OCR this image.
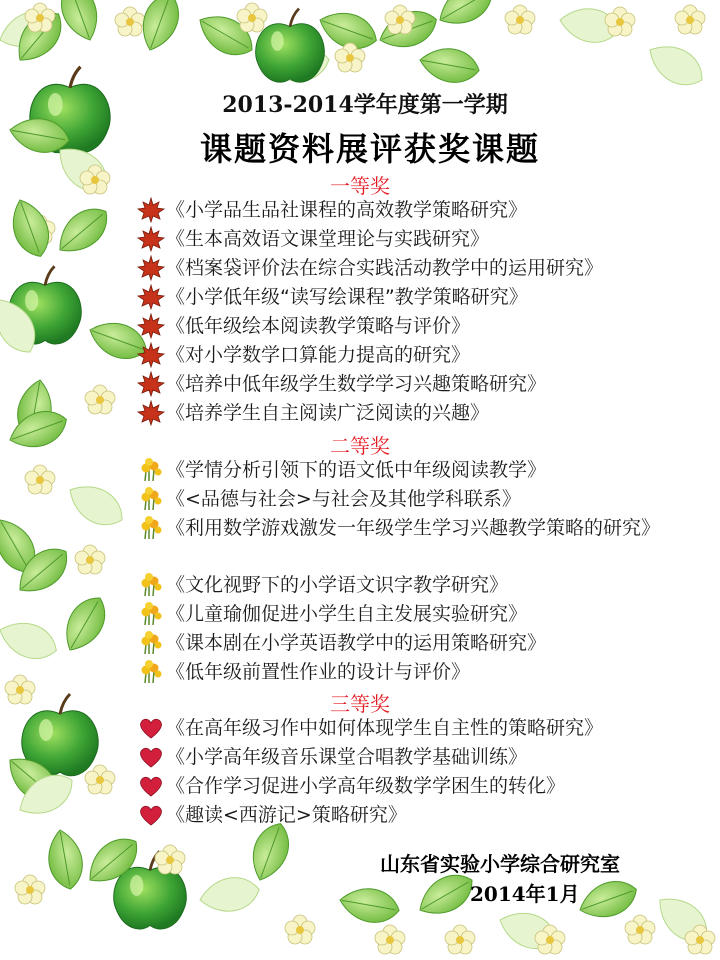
2013-2014学年度第一学期
课题资料展评获奖课题
一等奖
《小学品生品社课程的高效教学策略研究》
《生本高效语文课堂理论与实践研究》
《档案袋评价法在综合实践活动教学中的运用研究》
《小学低年级“读写绘课程”教学策略研究》
《低年级绘本阅读教学策略与评价》
《对小学数学口算能力提高的研究》
《培养中低年级学生数学学习兴趣策略研究》
《培养学生自主阅读广泛阅读的兴趣》
二等奖
《学情分析引领下的语文低中年级阅读教学》
《<品德与社会>与社会及其他学科联系》
《利用数学游戏激发一年级学生学习兴趣教学策略的研究》
《文化视野下的小学语文识字教学研究》
《儿童瑜伽促进小学生自主发展实验研究》
《课本剧在小学英语教学中的运用策略研究》
《低年级前置性作业的设计与评价》
三等奖
《在高年级习作中如何体现学生自主性的策略研究》
《小学高年级音乐课堂合唱教学基础训练》
《合作学习促进小学高年级数学学困生的转化》
《趣读<西游记>策略研究》
山东省实验小学综合研究室
2014年1月
